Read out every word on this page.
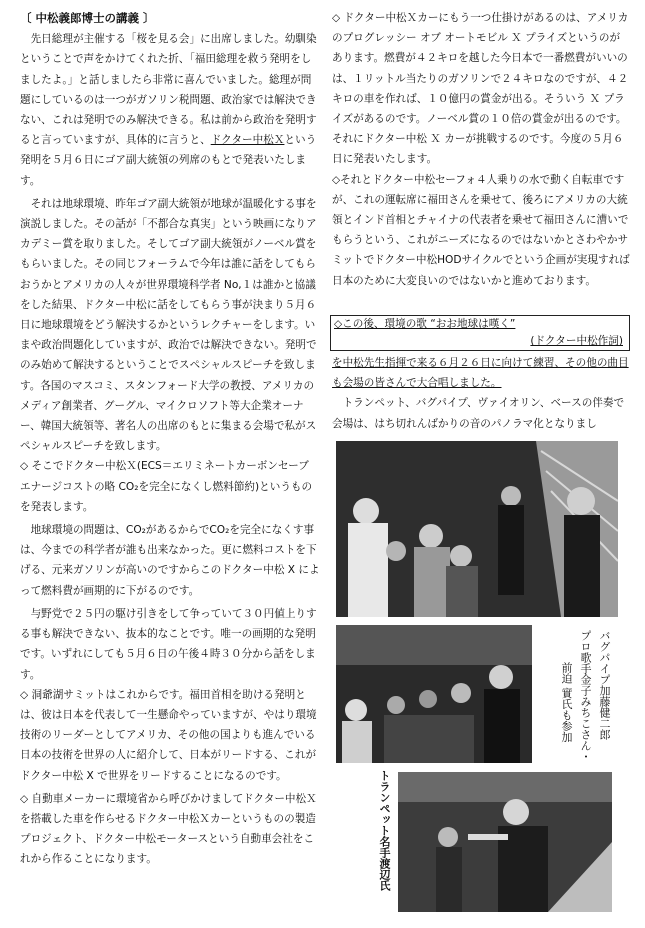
〔 中松義郎博士の講義 〕

先日総理が主催する「桜を見る会」に出席しました。幼馴染ということで声をかけてくれた折、「福田総理を救う発明をしましたよ。」と話しましたら非常に喜んでいました。総理が問題にしているのは一つがガソリン税問題、政治家では解決できない、これは発明でのみ解決できる。私は前から政治を発明すると言っていますが、具体的に言うと、ドクター中松Ｘという発明を５月６日にゴア副大統領の列席のもとで発表いたします。

それは地球環境、昨年ゴア副大統領が地球が温暖化する事を演説しました。その話が「不都合な真実」という映画になりアカデミー賞を取りました。そしてゴア副大統領がノーベル賞をもらいました。その同じフォーラムで今年は誰に話をしてもらおうかとアメリカの人々が世界環境科学者 No,１は誰かと協議をした結果、ドクター中松に話をしてもらう事が決まり５月６日に地球環境をどう解決するかというレクチャーをします。いまや政治問題化していますが、政治では解決できない。発明でのみ始めて解決するということでスペシャルスピーチを致します。各国のマスコミ、スタンフォード大学の教授、アメリカのメディア創業者、グーグル、マイクロソフト等大企業オーナー、韓国大統領等、著名人の出席のもとに集まる会場で私がスペシャルスピーチを致します。

◇ そこでドクター中松Ｘ(ECS＝エリミネートカーボンセーブ エナージコストの略 CO₂を完全になくし燃料節約)というものを発表します。

地球環境の問題は、CO₂があるからでCO₂を完全になくす事は、今までの科学者が誰も出来なかった。更に燃料コストを下げる、元来ガソリンが高いのですからこのドクター中松 X によって燃料費が画期的に下がるのです。

与野党で２５円の駆け引きをして争っていて３０円値上りする事も解決できない、抜本的なことです。唯一の画期的な発明です。いずれにしても５月６日の午後４時３０分から話をします。

◇ 洞爺湖サミットはこれからです。福田首相を助ける発明とは、彼は日本を代表して一生懸命やっていますが、やはり環境技術のリーダーとしてアメリカ、その他の国よりも進んでいる日本の技術を世界の人に紹介して、日本がリードする、これがドクター中松 X で世界をリードすることになるのです。

◇ 自動車メーカーに環境省から呼びかけましてドクター中松Ｘを搭載した車を作らせるドクター中松Ｘカーというものの製造プロジェクト、ドクター中松モータースという自動車会社をこれから作ることになります。

◇ ドクター中松Ｘカーにもう一つ仕掛けがあるのは、アメリカのプログレッシー オブ オートモビル Ｘ プライズというのがあります。燃費が４２キロを越した今日本で一番燃費がいいのは、１リットル当たりのガソリンで２４キロなのですが、４２キロの車を作れば、１０億円の賞金が出る。そういう Ｘ プライズがあるのです。ノーベル賞の１０倍の賞金が出るのです。それにドクター中松 Ｘ カーが挑戦するのです。今度の５月６日に発表いたします。

◇それとドクター中松セーフォ４人乗りの水で動く自転車ですが、これの運転席に福田さんを乗せて、後ろにアメリカの大統領とインド首相とチャイナの代表者を乗せて福田さんに漕いでもらうという、これがニーズになるのではないかとさわやかサミットでドクター中松HODサイクルでという企画が実現すれば日本のために大変良いのではないかと進めております。

◇この後、環境の歌 “おお地球は嘆く”
(ドクター中松作詞)

を中松先生指揮で来る６月２６日に向けて練習、その他の曲目も会場の皆さんで大合唱しました。

トランペット、バグパイプ、ヴァイオリン、ベースの伴奏で会場は、はち切れんばかりの音のパノラマ化となりまし

バグパイプ加藤健二郎
プロ歌手金子みちこさん・
前迫 實氏も参加
トランペット名手渡辺氏
